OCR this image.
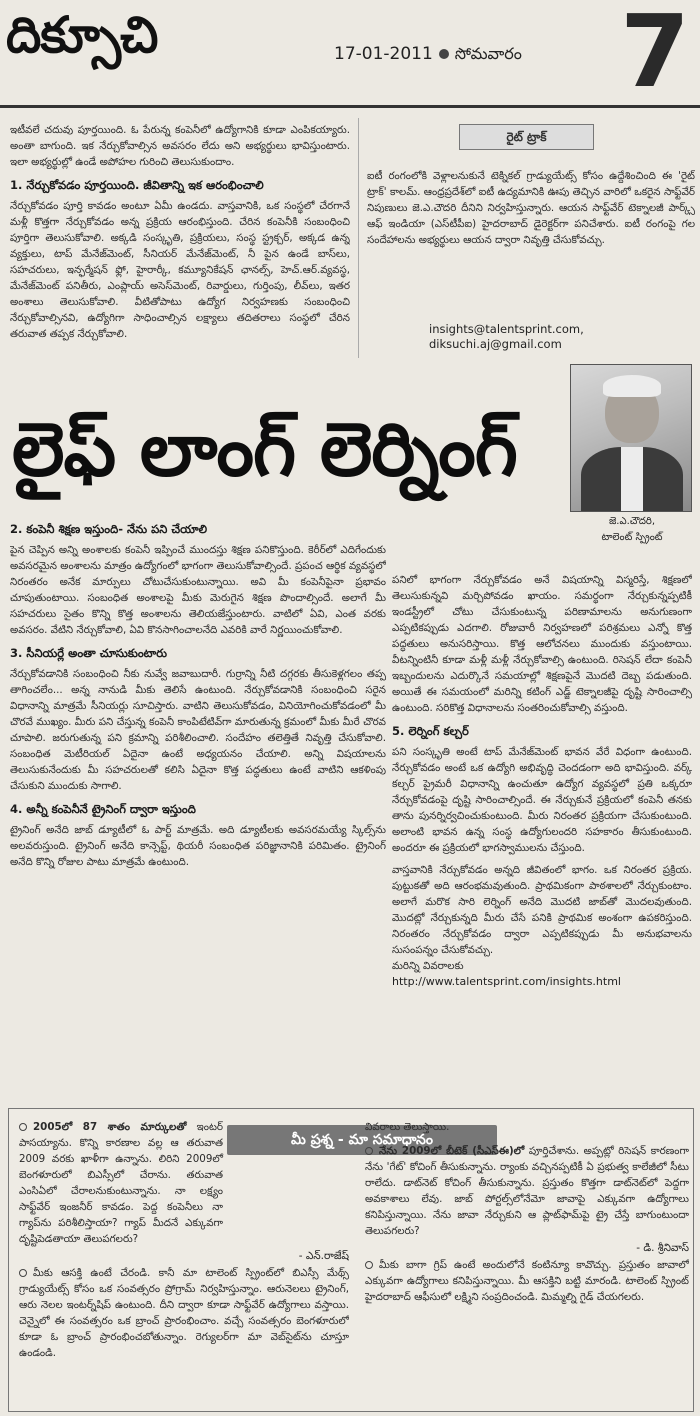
దిక్సూచి	17-01-2011 సోమవారం 7

ఇటీవలే చదువు పూర్తయింది. ఓ పేరున్న కంపెనీలో ఉద్యోగానికి కూడా ఎంపికయ్యారు. అంతా బాగుంది. ఇక నేర్చుకోవాల్సిన అవసరం లేదు అని అభ్యర్థులు భావిస్తుంటారు. ఇలా అభ్యర్థుల్లో ఉండే అపోహల గురించి తెలుసుకుందాం.

1. నేర్చుకోవడం పూర్తయింది. జీవితాన్ని ఇక ఆరంభించాలి

నేర్చుకోవడం పూర్తి కావడం అంటూ ఏమీ ఉండదు. వాస్తవానికి, ఒక సంస్థలో చేరగానే మళ్లీ కొత్తగా నేర్చుకోవడం అన్న ప్రక్రియ ఆరంభిస్తుంది. చేరిన కంపెనీకి సంబంధించి పూర్తిగా తెలుసుకోవాలి. అక్కడి సంస్కృతి, ప్రక్రియలు, సంస్థ స్ట్రక్చర్, అక్కడ ఉన్న వ్యక్తులు, టాప్ మేనేజ్‌మెంట్, సీనియర్ మేనేజ్‌మెంట్, నీ పైన ఉండే బాస్‌లు, సహచరులు, ఇన్ఫర్మేషన్ ఫ్లో, హైరార్కీ, కమ్యూనికేషన్ ఛానల్స్, హెచ్.ఆర్.వ్యవస్థ, మేనేజ్‌మెంట్ పనితీరు, ఎంప్లాయ్ అసెస్‌మెంట్, రివార్డులు, గుర్తింపు, లీవ్‌లు, ఇతర అంశాలు తెలుసుకోవాలి. వీటితోపాటు ఉద్యోగ నిర్వహణకు సంబంధించి నేర్చుకోవాల్సినవి, ఉద్యోగిగా సాధించాల్సిన లక్ష్యాలు తదితరాలు సంస్థలో చేరిన తరువాత తప్పక నేర్చుకోవాలి.

రైట్ ట్రాక్

ఐటీ రంగంలోకి వెళ్లాలనుకునే టెక్నికల్ గ్రాడ్యుయేట్స్ కోసం ఉద్దేశించింది ఈ 'రైట్ ట్రాక్' కాలమ్. ఆంధ్రప్రదేశ్‌లో ఐటీ ఉద్యమానికి ఊపు తెచ్చిన వారిలో ఒకరైన సాఫ్ట్‌వేర్ నిపుణులు జె.ఎ.చౌదరి దీనిని నిర్వహిస్తున్నారు. ఆయన సాఫ్ట్‌వేర్ టెక్నాలజీ పార్క్స్ ఆఫ్ ఇండియా (ఎస్‌టీపీఐ) హైదరాబాద్ డైరెక్టర్‌గా పనిచేశారు. ఐటీ రంగంపై గల సందేహాలను అభ్యర్థులు ఆయన ద్వారా నివృత్తి చేసుకోవచ్చు.

insights@talentsprint.com,
diksuchi.aj@gmail.com
లైఫ్ లాంగ్ లెర్నింగ్
జె.ఎ.చౌదరి,
టాలెంట్ స్ప్రింట్

2. కంపెనీ శిక్షణ ఇస్తుంది- నేను పని చేయాలి

పైన చెప్పిన అన్ని అంశాలకు కంపెనీ ఇప్పించే ముందస్తు శిక్షణ పనికొస్తుంది. కెరీర్‌లో ఎదిగేందుకు అవసరమైన అంశాలను మాత్రం ఉద్యోగంలో భాగంగా తెలుసుకోవాల్సిందే. ప్రపంచ ఆర్థిక వ్యవస్థలో నిరంతరం అనేక మార్పులు చోటుచేసుకుంటున్నాయి. అవి మీ కంపెనీపైనా ప్రభావం చూపుతుంటాయి. సంబంధిత అంశాలపై మీకు మెరుగైన శిక్షణ పొందాల్సిందే. అలాగే మీ సహచరులు సైతం కొన్ని కొత్త అంశాలను తెలియజేస్తుంటారు. వాటిలో ఏవి, ఎంత వరకు అవసరం. వేటిని నేర్చుకోవాలి, ఏవి కొనసాగించాలనేది ఎవరికి వారే నిర్ణయించుకోవాలి.

3. సీనియర్లే అంతా చూసుకుంటారు

నేర్చుకోవడానికి సంబంధించి నీకు నువ్వే జవాబుదారీ. గుర్రాన్ని నీటి దగ్గరకు తీసుకెళ్లగలం తప్ప తాగించలేం... అన్న నానుడి మీకు తెలిసే ఉంటుంది. నేర్చుకోవడానికి సంబంధించి సరైన విధానాన్ని మాత్రమే సీనియర్లు సూచిస్తారు. వాటిని తెలుసుకోవడం, వినియోగించుకోవడంలో మీ చొరవే ముఖ్యం. మీరు పని చేస్తున్న కంపెనీ కాంపిటేటివ్‌గా మారుతున్న క్రమంలో మీకు మీరే చొరవ చూపాలి. జరుగుతున్న పని క్రమాన్ని పరిశీలించాలి. సందేహం తలెత్తితే నివృత్తి చేసుకోవాలి. సంబంధిత మెటీరియల్ ఏదైనా ఉంటే అధ్యయనం చేయాలి. అన్ని విషయాలను తెలుసుకునేందుకు మీ సహచరులతో కలిసి ఏదైనా కొత్త పద్ధతులు ఉంటే వాటిని ఆకళింపు చేసుకుని ముందుకు సాగాలి.

4. అన్నీ కంపెనీనే ట్రైనింగ్ ద్వారా ఇస్తుంది

ట్రైనింగ్ అనేది జాబ్ డ్యూటీలో ఓ పార్ట్ మాత్రమే. అది డ్యూటీలకు అవసరమయ్యే స్కిల్స్‌ను అలవరుస్తుంది. ట్రైనింగ్ అనేది కాన్సెప్ట్, థియరీ సంబంధిత పరిజ్ఞానానికి పరిమితం. ట్రైనింగ్ అనేది కొన్ని రోజుల పాటు మాత్రమే ఉంటుంది.

పనిలో భాగంగా నేర్చుకోవడం అనే విషయాన్ని విస్మరిస్తే, శిక్షణలో తెలుసుకున్నవి మర్చిపోవడం ఖాయం. సమర్థంగా నేర్చుకున్నప్పటికీ ఇండస్ట్రీలో చోటు చేసుకుంటున్న పరిణామాలను అనుగుణంగా ఎప్పటికప్పుడు ఎదగాలి. రోజువారీ నిర్వహణలో పరిశ్రమలు ఎన్నో కొత్త పద్ధతులు అనుసరిస్తాయి. కొత్త ఆలోచనలు ముందుకు వస్తుంటాయి. వీటన్నింటినీ కూడా మళ్లీ మళ్లీ నేర్చుకోవాల్సి ఉంటుంది. రిసెషన్ లేదా కంపెనీ ఇబ్బందులను ఎదుర్కొనే సమయాల్లో శిక్షణపైనే మొదటి దెబ్బ పడుతుంది. అయితే ఈ సమయంలో మరిన్ని కటింగ్ ఎడ్జ్ టెక్నాలజీపై దృష్టి సారించాల్సి ఉంటుంది. సరికొత్త విధానాలను సంతరించుకోవాల్సి వస్తుంది.

5. లెర్నింగ్ కల్చర్

పని సంస్కృతి అంటే టాప్ మేనేజ్‌మెంట్ భావన వేరే విధంగా ఉంటుంది. నేర్చుకోవడం అంటే ఒక ఉద్యోగి అభివృద్ధి చెందడంగా అది భావిస్తుంది. వర్క్ కల్చర్ ప్రైమరీ విధానాన్ని ఉంచుతూ ఉద్యోగ వ్యవస్థలో ప్రతి ఒక్కరూ నేర్చుకోవడంపై దృష్టి సారించాల్సిందే. ఈ నేర్చుకునే ప్రక్రియలో కంపెనీ తనకు తాను పునర్నిర్వచించుకుంటుంది. మీరు నిరంతర ప్రక్రియగా చేసుకుంటుంది. అలాంటి భావన ఉన్న సంస్థ ఉద్యోగులందరి సహకారం తీసుకుంటుంది. అందరూ ఈ ప్రక్రియలో భాగస్వాములను చేస్తుంది.

వాస్తవానికి నేర్చుకోవడం అన్నది జీవితంలో భాగం. ఒక నిరంతర ప్రక్రియ. పుట్టుకతో అది ఆరంభమవుతుంది. ప్రాథమికంగా పాఠశాలలో నేర్చుకుంటాం. అలాగే మరొక సారి లెర్నింగ్ అనేది మొదటి జాబ్‌తో మొదలవుతుంది. మొదట్లో నేర్చుకున్నది మీరు చేసే పనికి ప్రాథమిక అంశంగా ఉపకరిస్తుంది. నిరంతరం నేర్చుకోవడం ద్వారా ఎప్పటికప్పుడు మీ అనుభవాలను సుసంపన్నం చేసుకోవచ్చు.

మరిన్ని వివరాలకు

http://www.talentsprint.com/insights.html

2005లో 87 శాతం మార్కులతో ఇంటర్ పాసయ్యాను. కొన్ని కారణాల వల్ల ఆ తరువాత 2009 వరకు ఖాళీగా ఉన్నాను. లిరిని 2009లో బెంగళూరులో బిఎస్సీలో చేరాను. తరువాత ఎంసిఏలో చేరాలనుకుంటున్నాను. నా లక్ష్యం సాఫ్ట్‌వేర్ ఇంజనీర్ కావడం. పెద్ద కంపెనీలు నా గ్యాప్‌ను పరిశీలిస్తాయా? గ్యాప్ మీదనే ఎక్కువగా దృష్టిపెడతాయా తెలుపగలరు?

- ఎన్.రాజేష్

మీకు ఆసక్తి ఉంటే చేరండి. కానీ మా టాలెంట్ స్ప్రింట్‌లో బిఎస్సీ మేథ్స్ గ్రాడ్యుయేట్స్ కోసం ఒక సంవత్సరం ప్రోగ్రామ్ నిర్వహిస్తున్నాం. ఆరునెలలు ట్రైనింగ్, ఆరు నెలల ఇంటర్న్‌షిప్ ఉంటుంది. దీని ద్వారా కూడా సాఫ్ట్‌వేర్ ఉద్యోగాలు వస్తాయి. చెన్నైలో ఈ సంవత్సరం ఒక బ్రాంచ్ ప్రారంభించాం. వచ్చే సంవత్సరం బెంగళూరులో కూడా ఓ బ్రాంచ్ ప్రారంభించబోతున్నాం. రెగ్యులర్‌గా మా వెబ్‌సైట్‌ను చూస్తూ ఉండండి.

మీ ప్రశ్న - మా సమాధానం

వివరాలు తెలుస్తాయి.

నేను 2009లో బీటెక్ (సీఎస్ఈ)లో పూర్తిచేశాను. అప్పట్లో రిసెషన్ కారణంగా నేను 'గేట్' కోచింగ్ తీసుకున్నాను. ర్యాంకు వచ్చినప్పటికీ ఏ ప్రభుత్వ కాలేజీలో సీటు రాలేదు. డాట్‌నెట్ కోచింగ్ తీసుకున్నాను. ప్రస్తుతం కొత్తగా డాట్‌నెట్‌లో పెద్దగా అవకాశాలు లేవు. జాబ్ పోర్టల్స్‌లోనేమో జావాపై ఎక్కువగా ఉద్యోగాలు కనిపిస్తున్నాయి. నేను జావా నేర్చుకుని ఆ ప్లాట్‌ఫామ్‌పై ట్రై చేస్తే బాగుంటుందా తెలుపగలరు?

- డి. శ్రీనివాస్

మీకు బాగా గ్రిప్ ఉంటే అందులోనే కంటిన్యూ కావొచ్చు. ప్రస్తుతం జావాలో ఎక్కువగా ఉద్యోగాలు కనిపిస్తున్నాయి. మీ ఆసక్తిని బట్టి మారండి. టాలెంట్ స్ప్రింట్ హైదరాబాద్ ఆఫీసులో లక్ష్మిని సంప్రదించండి. మిమ్మల్ని గైడ్ చేయగలరు.
